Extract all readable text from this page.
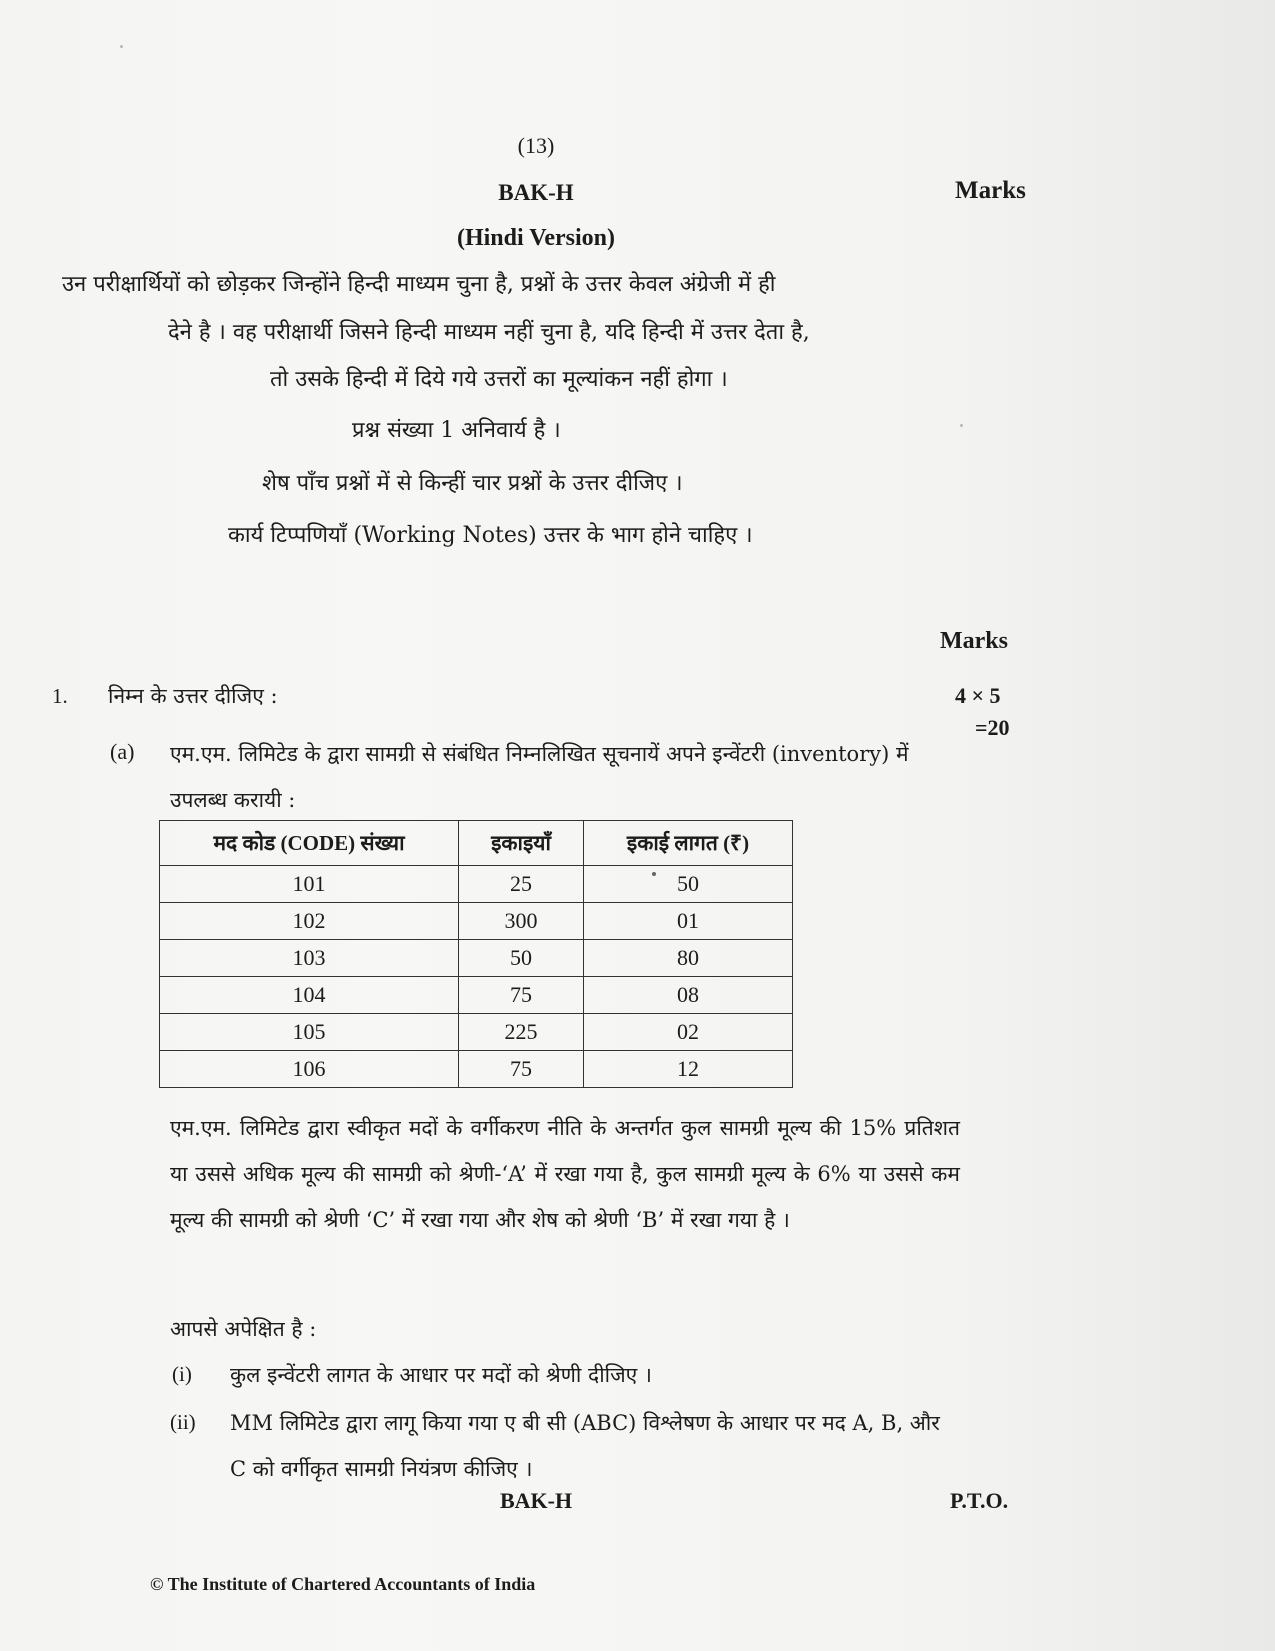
(13)
BAK-H	Marks
(Hindi Version)
उन परीक्षार्थियों को छोड़कर जिन्होंने हिन्दी माध्यम चुना है, प्रश्नों के उत्तर केवल अंग्रेजी में ही
देने है । वह परीक्षार्थी जिसने हिन्दी माध्यम नहीं चुना है, यदि हिन्दी में उत्तर देता है,
तो उसके हिन्दी में दिये गये उत्तरों का मूल्यांकन नहीं होगा ।
प्रश्न संख्या 1 अनिवार्य है ।
शेष पाँच प्रश्नों में से किन्हीं चार प्रश्नों के उत्तर दीजिए ।
कार्य टिप्पणियाँ (Working Notes) उत्तर के भाग होने चाहिए ।
Marks
1. निम्न के उत्तर दीजिए :	4 × 5
=20
(a) एम.एम. लिमिटेड के द्वारा सामग्री से संबंधित निम्नलिखित सूचनायें अपने इन्वेंटरी (inventory) में उपलब्ध करायी :
मद कोड (CODE) संख्या	इकाइयाँ	इकाई लागत (₹)
101	25	50
102	300	01
103	50	80
104	75	08
105	225	02
106	75	12
एम.एम. लिमिटेड द्वारा स्वीकृत मदों के वर्गीकरण नीति के अन्तर्गत कुल सामग्री मूल्य की 15% प्रतिशत या उससे अधिक मूल्य की सामग्री को श्रेणी-‘A’ में रखा गया है, कुल सामग्री मूल्य के 6% या उससे कम मूल्य की सामग्री को श्रेणी ‘C’ में रखा गया और शेष को श्रेणी ‘B’ में रखा गया है ।
आपसे अपेक्षित है :
(i) कुल इन्वेंटरी लागत के आधार पर मदों को श्रेणी दीजिए ।
(ii) MM लिमिटेड द्वारा लागू किया गया ए बी सी (ABC) विश्लेषण के आधार पर मद A, B, और C को वर्गीकृत सामग्री नियंत्रण कीजिए ।
BAK-H	P.T.O.
© The Institute of Chartered Accountants of India
